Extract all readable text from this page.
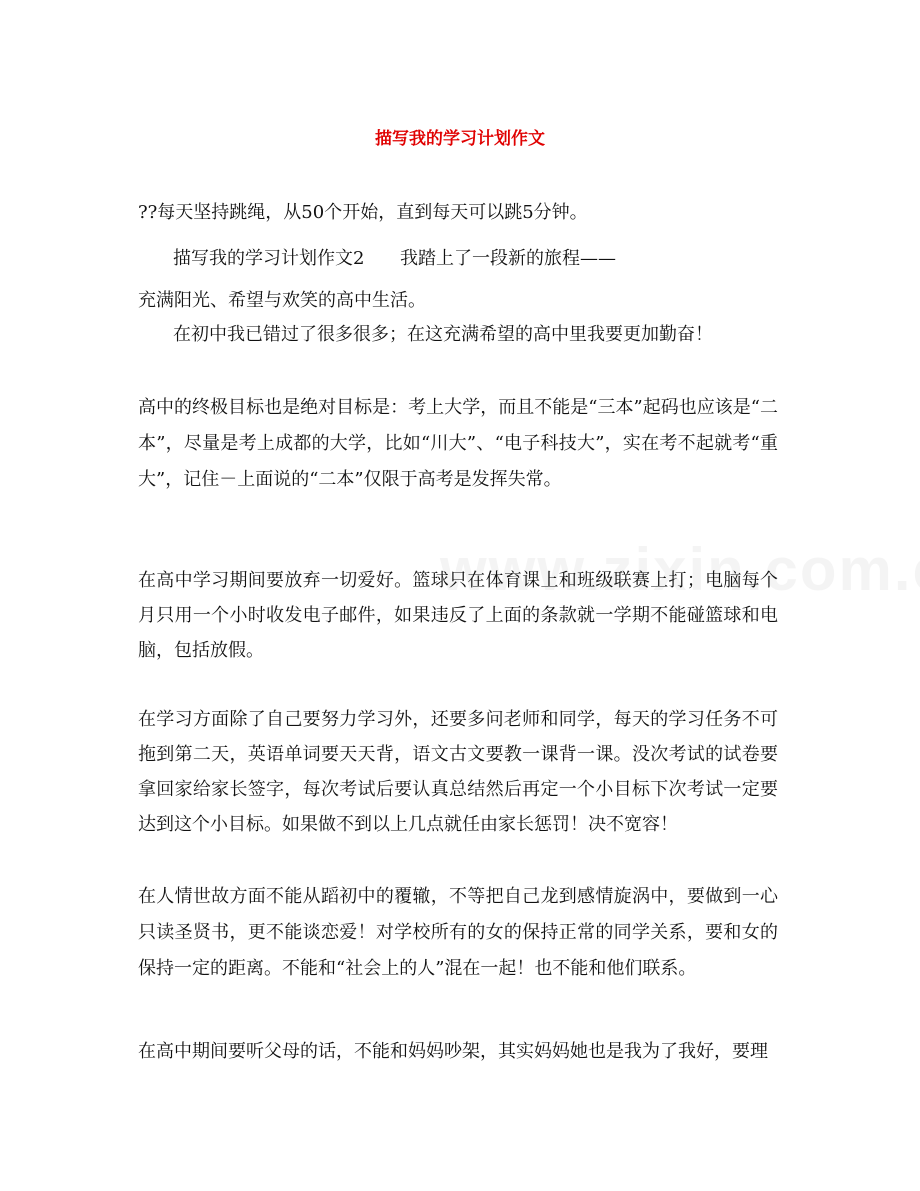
描写我的学习计划作文

??每天坚持跳绳，从50个开始，直到每天可以跳5分钟。

描写我的学习计划作文2 我踏上了一段新的旅程——

充满阳光、希望与欢笑的高中生活。

在初中我已错过了很多很多；在这充满希望的高中里我要更加勤奋！

高中的终极目标也是绝对目标是：考上大学，而且不能是“三本”起码也应该是“二本”，尽量是考上成都的大学，比如“川大”、“电子科技大”，实在考不起就考“重大”，记住－上面说的“二本”仅限于高考是发挥失常。

在高中学习期间要放弃一切爱好。篮球只在体育课上和班级联赛上打；电脑每个月只用一个小时收发电子邮件，如果违反了上面的条款就一学期不能碰篮球和电脑，包括放假。

在学习方面除了自己要努力学习外，还要多问老师和同学，每天的学习任务不可拖到第二天，英语单词要天天背，语文古文要教一课背一课。没次考试的试卷要拿回家给家长签字，每次考试后要认真总结然后再定一个小目标下次考试一定要达到这个小目标。如果做不到以上几点就任由家长惩罚！决不宽容！

在人情世故方面不能从蹈初中的覆辙，不等把自己龙到感情旋涡中，要做到一心只读圣贤书，更不能谈恋爱！对学校所有的女的保持正常的同学关系，要和女的保持一定的距离。不能和“社会上的人”混在一起！也不能和他们联系。

在高中期间要听父母的话，不能和妈妈吵架，其实妈妈她也是我为了我好，要理
